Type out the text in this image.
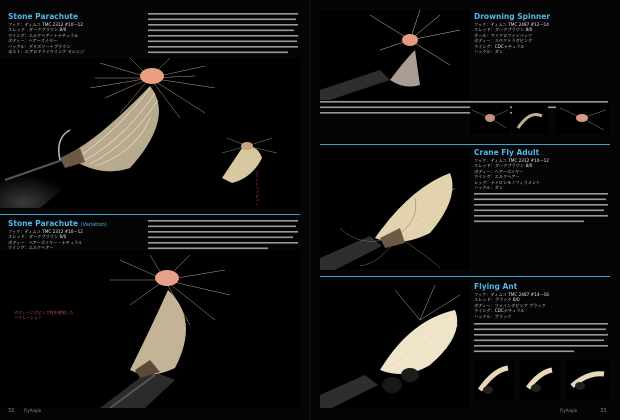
Stone Parachute
フック：ティムコ TMC 2312 #10〜12
スレッド：ダークブラウン 8/0
ウイング：エルクヘアー＋ナチュラル
ボディー：ヘアーズイヤー
ハックル：グリズリー＋ブラウン
ポスト：エアロドライウイング オレンジ
フライトップビュー
Stone Parachute (Variation)
フック：ティムコ TMC 2312 #10〜12
スレッド：ダークブラウン 8/0
ボディー：ヘアーズイヤー・ナチュラル
ウイング：エルクヘアー
ボディーにダビング材を使用したバリエーション
32 FlyAngle
Drowning Spinner
フック：ティムコ TMC 2487 #12〜14
スレッド：ダークブラウン 8/0
テール：マイクロファイバッツ
ボディー：スペクトラダビング
ウイング：CDCナチュラル
ハックル：ダン
Crane Fly Adult
フック：ティムコ TMC 2312 #10〜12
スレッド：ダークブラウン 8/0
ボディー：ヘアーズイヤー
ウイング：エルクヘアー
レッグ：ナイロンモノフィラメント
ハックル：ダン
Flying Ant
フック：ティムコ TMC 2487 #14〜16
スレッド：ブラック 8/0
ボディー：ファインダビング ブラック
ウイング：CDCナチュラル
ハックル：ブラック
FlyAngle	33
